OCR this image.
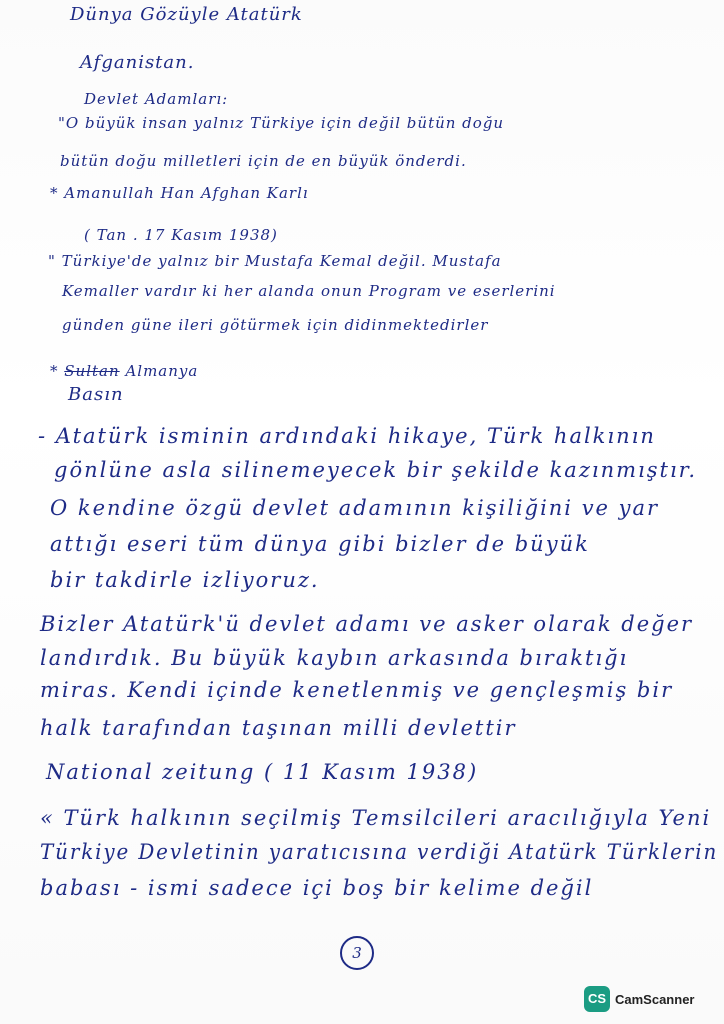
Dünya Gözüyle Atatürk
Afganistan.
Devlet Adamları:
"O büyük insan yalnız Türkiye için değil bütün doğu
bütün doğu milletleri için de en büyük önderdi.
* Amanullah Han Afghan Karlı
( Tan . 17 Kasım 1938)
" Türkiye'de yalnız bir Mustafa Kemal değil. Mustafa
Kemaller vardır ki her alanda onun Program ve eserlerini
günden güne ileri götürmek için didinmektedirler
* Sultan Almanya
Basın
- Atatürk isminin ardındaki hikaye, Türk halkının
gönlüne asla silinemeyecek bir şekilde kazınmıştır.
O kendine özgü devlet adamının kişiliğini ve yar
attığı eseri tüm dünya gibi bizler de büyük
bir takdirle izliyoruz.
Bizler Atatürk'ü devlet adamı ve asker olarak değer
landırdık. Bu büyük kaybın arkasında bıraktığı
miras. Kendi içinde kenetlenmiş ve gençleşmiş bir
halk tarafından taşınan milli devlettir
National zeitung ( 11 Kasım 1938)
« Türk halkının seçilmiş Temsilcileri aracılığıyla Yeni
Türkiye Devletinin yaratıcısına verdiği Atatürk Türklerin
babası - ismi sadece içi boş bir kelime değil
3
CS CamScanner
